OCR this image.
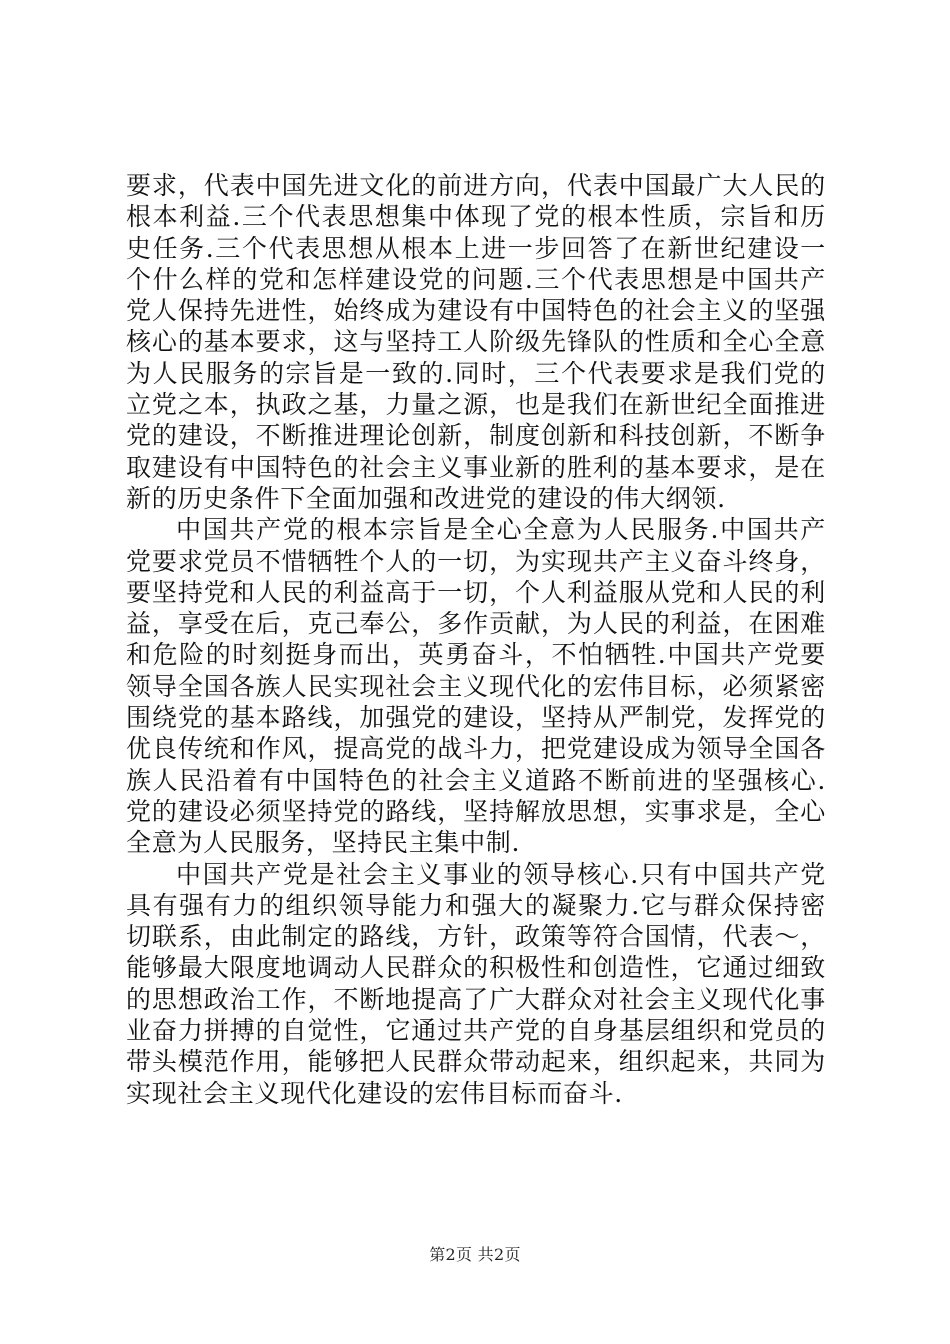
要求，代表中国先进文化的前进方向，代表中国最广大人民的根本利益.三个代表思想集中体现了党的根本性质，宗旨和历史任务.三个代表思想从根本上进一步回答了在新世纪建设一个什么样的党和怎样建设党的问题.三个代表思想是中国共产党人保持先进性，始终成为建设有中国特色的社会主义的坚强核心的基本要求，这与坚持工人阶级先锋队的性质和全心全意为人民服务的宗旨是一致的.同时，三个代表要求是我们党的立党之本，执政之基，力量之源，也是我们在新世纪全面推进党的建设，不断推进理论创新，制度创新和科技创新，不断争取建设有中国特色的社会主义事业新的胜利的基本要求，是在新的历史条件下全面加强和改进党的建设的伟大纲领.

中国共产党的根本宗旨是全心全意为人民服务.中国共产党要求党员不惜牺牲个人的一切，为实现共产主义奋斗终身，要坚持党和人民的利益高于一切，个人利益服从党和人民的利益，享受在后，克己奉公，多作贡献，为人民的利益，在困难和危险的时刻挺身而出，英勇奋斗，不怕牺牲.中国共产党要领导全国各族人民实现社会主义现代化的宏伟目标，必须紧密围绕党的基本路线，加强党的建设，坚持从严制党，发挥党的优良传统和作风，提高党的战斗力，把党建设成为领导全国各族人民沿着有中国特色的社会主义道路不断前进的坚强核心.党的建设必须坚持党的路线，坚持解放思想，实事求是，全心全意为人民服务，坚持民主集中制.

中国共产党是社会主义事业的领导核心.只有中国共产党具有强有力的组织领导能力和强大的凝聚力.它与群众保持密切联系，由此制定的路线，方针，政策等符合国情，代表～，能够最大限度地调动人民群众的积极性和创造性，它通过细致的思想政治工作，不断地提高了广大群众对社会主义现代化事业奋力拼搏的自觉性，它通过共产党的自身基层组织和党员的带头模范作用，能够把人民群众带动起来，组织起来，共同为实现社会主义现代化建设的宏伟目标而奋斗.

第2页 共2页
